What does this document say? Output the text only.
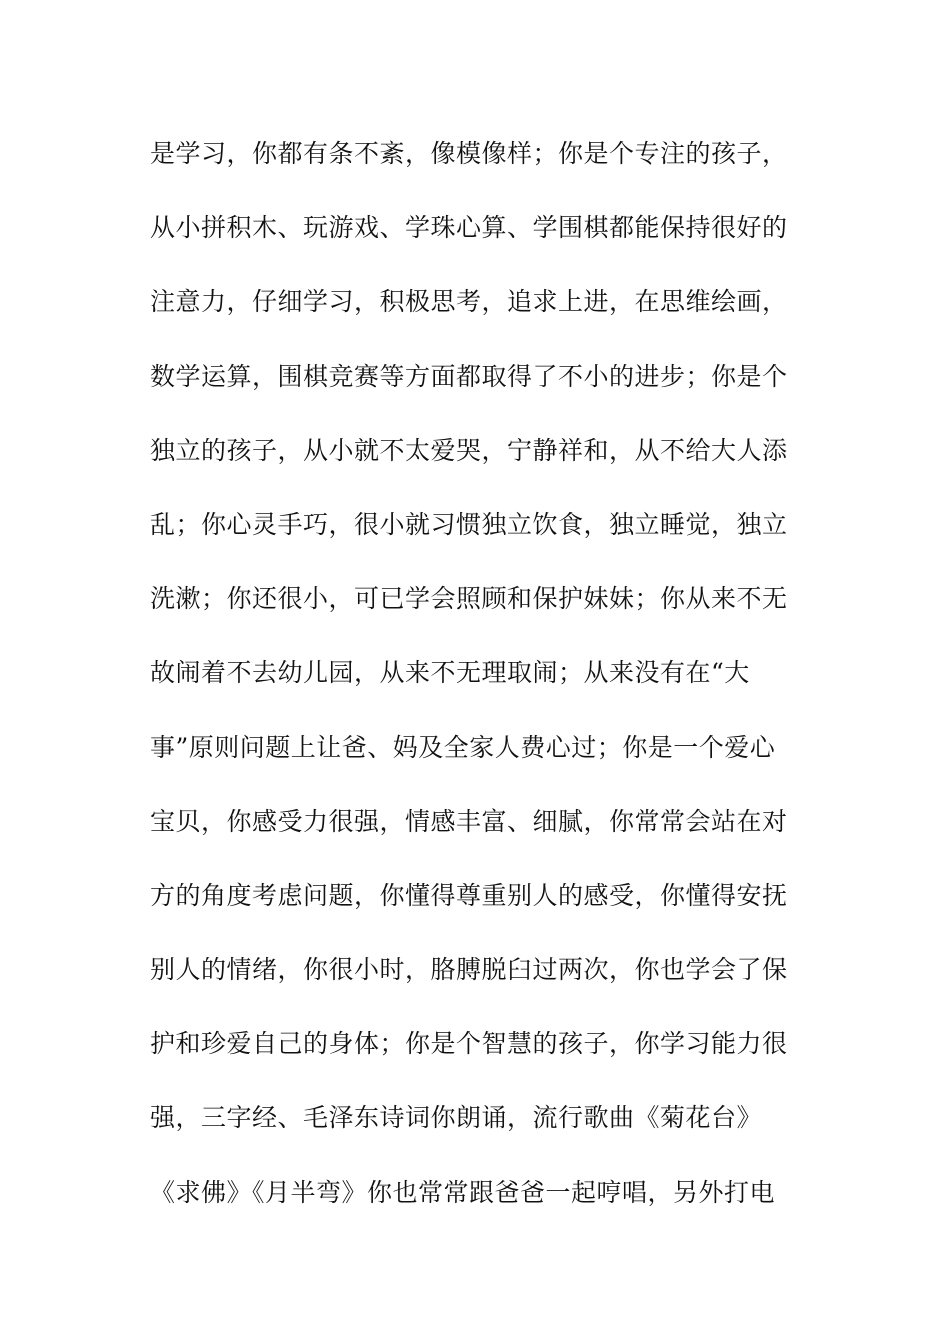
是学习，你都有条不紊，像模像样；你是个专注的孩子，
从小拼积木、玩游戏、学珠心算、学围棋都能保持很好的
注意力，仔细学习，积极思考，追求上进，在思维绘画，
数学运算，围棋竞赛等方面都取得了不小的进步；你是个
独立的孩子，从小就不太爱哭，宁静祥和，从不给大人添
乱；你心灵手巧，很小就习惯独立饮食，独立睡觉，独立
洗漱；你还很小，可已学会照顾和保护妹妹；你从来不无
故闹着不去幼儿园，从来不无理取闹；从来没有在“大
事”原则问题上让爸、妈及全家人费心过；你是一个爱心
宝贝，你感受力很强，情感丰富、细腻，你常常会站在对
方的角度考虑问题，你懂得尊重别人的感受，你懂得安抚
别人的情绪，你很小时，胳膊脱臼过两次，你也学会了保
护和珍爱自己的身体；你是个智慧的孩子，你学习能力很
强，三字经、毛泽东诗词你朗诵，流行歌曲《菊花台》
《求佛》《月半弯》你也常常跟爸爸一起哼唱，另外打电
